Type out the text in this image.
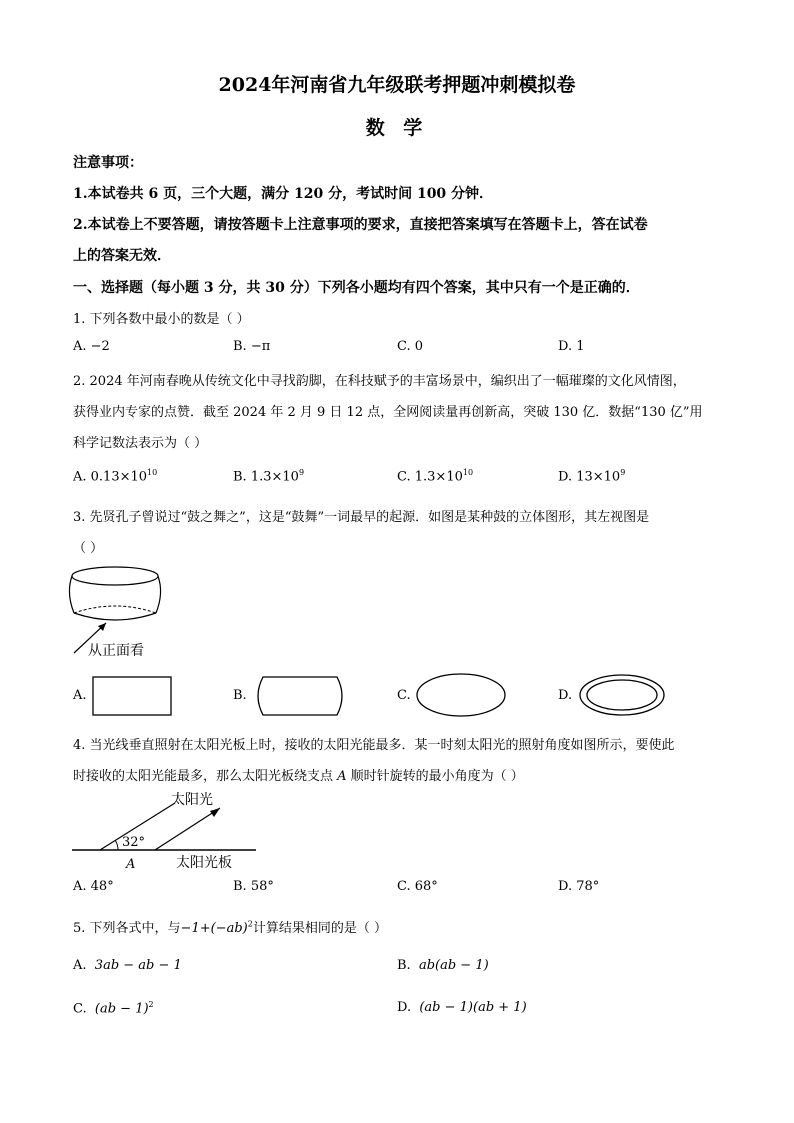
2024年河南省九年级联考押题冲刺模拟卷
数 学
注意事项：
1.本试卷共 6 页，三个大题，满分 120 分，考试时间 100 分钟．
2.本试卷上不要答题，请按答题卡上注意事项的要求，直接把答案填写在答题卡上，答在试卷
上的答案无效．
一、选择题（每小题 3 分，共 30 分）下列各小题均有四个答案，其中只有一个是正确的．
1. 下列各数中最小的数是（ ）
A. −2	B. −π	C. 0	D. 1
2. 2024 年河南春晚从传统文化中寻找韵脚，在科技赋予的丰富场景中，编织出了一幅璀璨的文化风情图，
获得业内专家的点赞．截至 2024 年 2 月 9 日 12 点，全网阅读量再创新高，突破 130 亿．数据“130 亿”用
科学记数法表示为（ ）
A. $0.13\times 10^{10}$	B. $1.3\times 10^9$	C. $1.3\times 10^{10}$	D. $13\times 10^9$
3. 先贤孔子曾说过“鼓之舞之”，这是“鼓舞”一词最早的起源．如图是某种鼓的立体图形，其左视图是
（ ）
从正面看
A.	B.	C.	D.
4. 当光线垂直照射在太阳光板上时，接收的太阳光能最多．某一时刻太阳光的照射角度如图所示，要使此
时接收的太阳光能最多，那么太阳光板绕支点 A 顺时针旋转的最小角度为（ ）
太阳光
32°
A	太阳光板
A. 48°	B. 58°	C. 68°	D. 78°
5. 下列各式中，与$-1+(-ab)^2$计算结果相同的是（ ）
A. 3ab − ab − 1	B. ab(ab − 1)
C. (ab − 1)$^2$	D. (ab − 1)(ab + 1)
